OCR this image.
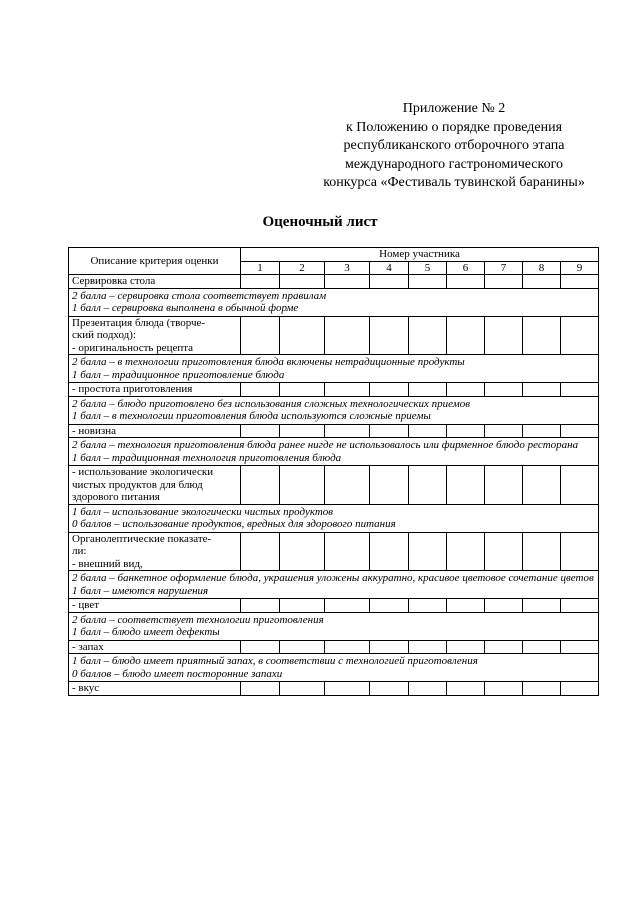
Приложение № 2
к Положению о порядке проведения
республиканского отборочного этапа
международного гастрономического
конкурса «Фестиваль тувинской баранины»
Оценочный лист
Описание критерия оценки	Номер участника								
	1	2	3	4	5	6	7	8	9

Сервировка стола									

2 балла – сервировка стола соответствует правилам
1 балл – сервировка выполнена в обычной форме									

Презентация блюда (творче-
ский подход):
- оригинальность рецепта									

2 балла – в технологии приготовления блюда включены нетрадиционные продукты
1 балл – традиционное приготовление блюда									

- простота приготовления									

2 балла – блюдо приготовлено без использования сложных технологических приемов
1 балл – в технологии приготовления блюда используются сложные приемы									

- новизна									

2 балла – технология приготовления блюда ранее нигде не использовалось или фирменное блюдо ресторана
1 балл – традиционная технология приготовления блюда									

- использование экологически
чистых продуктов для блюд
здорового питания									

1 балл – использование экологически чистых продуктов
0 баллов – использование продуктов, вредных для здорового питания									

Органолептические показате-
ли:
- внешний вид,									

2 балла – банкетное оформление блюда, украшения уложены аккуратно, красивое цветовое сочетание цветов
1 балл – имеются нарушения									

- цвет									

2 балла – соответствует технологии приготовления
1 балл – блюдо имеет дефекты									

- запах									

1 балл – блюдо имеет приятный запах, в соответствии с технологией приготовления
0 баллов – блюдо имеет посторонние запахи									

- вкус									
